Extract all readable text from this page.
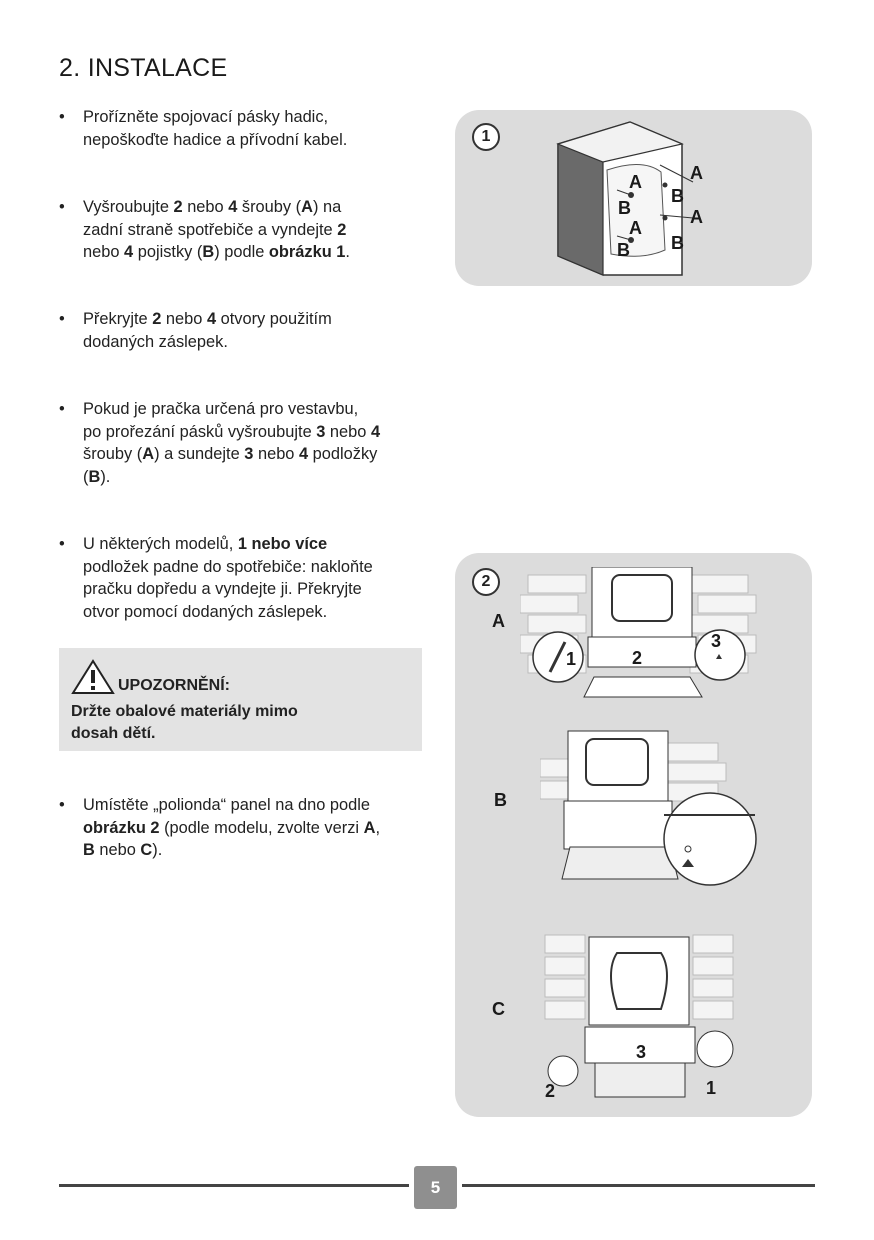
2. INSTALACE
• Prořízněte spojovací pásky hadic,
nepoškoďte hadice a přívodní kabel.
• Vyšroubujte 2 nebo 4 šrouby (A) na
zadní straně spotřebiče a vyndejte 2
nebo 4 pojistky (B) podle obrázku 1.
• Překryjte 2 nebo 4 otvory použitím
dodaných záslepek.
• Pokud je pračka určená pro vestavbu,
po prořezání pásků vyšroubujte 3 nebo 4
šrouby (A) a sundejte 3 nebo 4 podložky
(B).
• U některých modelů, 1 nebo více
podložek padne do spotřebiče: nakloňte
pračku dopředu a vyndejte ji. Překryjte
otvor pomocí dodaných záslepek.
UPOZORNĚNÍ:
Držte obalové materiály mimo
dosah dětí.
• Umístěte „polionda“ panel na dno podle
obrázku 2 (podle modelu, zvolte verzi A,
B nebo C).
1
A
B
A
B
A
B
A
B
2
A
1	2
3
B
C
3
2	1
5
